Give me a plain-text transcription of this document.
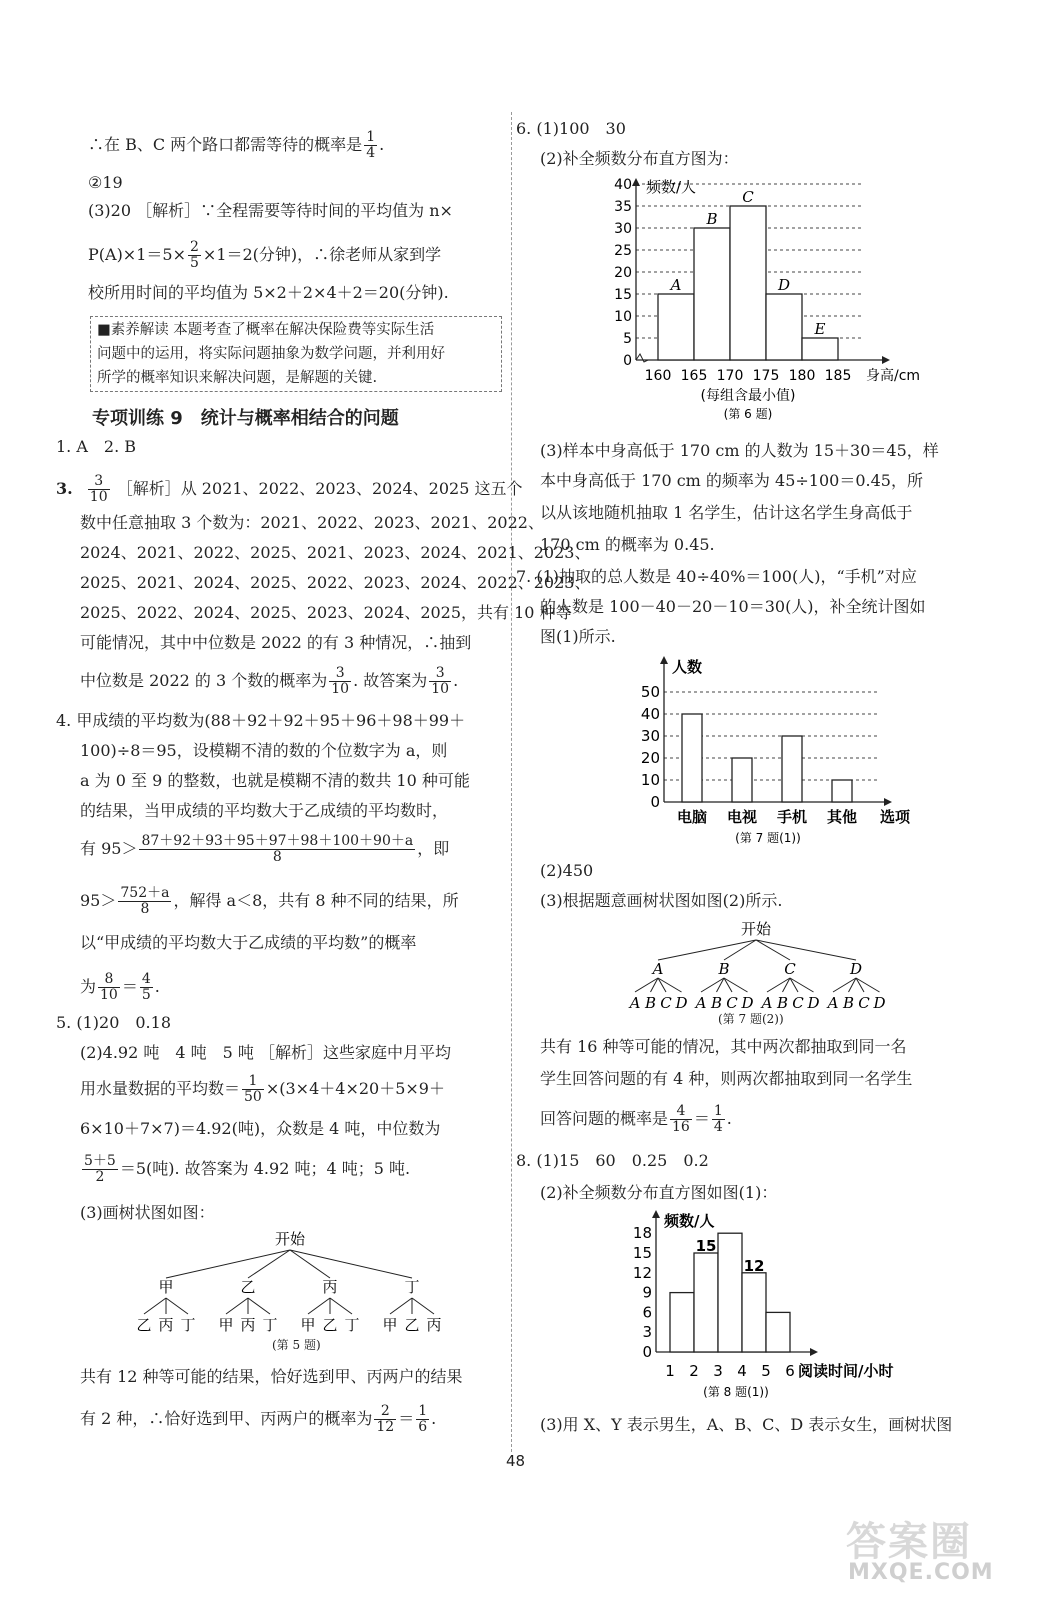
∴在 B、C 两个路口都需等待的概率是 $\frac{1}{4}$ .
②19
(3)20 ［解析］∵全程需要等待时间的平均值为 n×
$P(A)\times 1=5\times \frac{2}{5} \times 1=2$(分钟)，∴徐老师从家到学
校所用时间的平均值为 5×2＋2×4＋2＝20(分钟).
■素养解读 本题考查了概率在解决保险费等实际生活
问题中的运用，将实际问题抽象为数学问题，并利用好
所学的概率知识来解决问题，是解题的关键.
专项训练 9　统计与概率相结合的问题
1. A　2. B
3. $\frac{3}{10}$ ［解析］从 2021、2022、2023、2024、2025 这五个
数中任意抽取 3 个数为：2021、2022、2023、2021、2022、
2024、2021、2022、2025、2021、2023、2024、2021、2023、
2025、2021、2024、2025、2022、2023、2024、2022、2023、
2025、2022、2024、2025、2023、2024、2025，共有 10 种等
可能情况，其中中位数是 2022 的有 3 种情况，∴抽到
中位数是 2022 的 3 个数的概率为 $\frac{3}{10}$ . 故答案为 $\frac{3}{10}$ .
4. 甲成绩的平均数为(88＋92＋92＋95＋96＋98＋99＋
100)÷8＝95，设模糊不清的数的个位数字为 a，则
a 为 0 至 9 的整数，也就是模糊不清的数共 10 种可能
的结果，当甲成绩的平均数大于乙成绩的平均数时，
有 $95> \frac{87+92+93+95+97+98+100+90+a}{8}$ ，即
$95> \frac{752+a}{8}$ ，解得 a＜8，共有 8 种不同的结果，所
以“甲成绩的平均数大于乙成绩的平均数”的概率
为 $\frac{8}{10} = \frac{4}{5}$ .
5. (1)20　0.18
(2)4.92 吨　4 吨　5 吨 ［解析］这些家庭中月平均
用水量数据的平均数＝ $\frac{1}{50} \times(3\times 4+4\times 20+5\times 9+$
6×10＋7×7)＝4.92(吨)，众数是 4 吨，中位数为
$\frac{5+5}{2} =5$(吨). 故答案为 4.92 吨；4 吨；5 吨.
(3)画树状图如图：
开始
甲	乙	丙	丁
乙 丙 丁 甲 丙 丁 甲 乙 丁 甲 乙 丙
(第 5 题)
共有 12 种等可能的结果，恰好选到甲、丙两户的结果
有 2 种，∴恰好选到甲、丙两户的概率为 $\frac{2}{12} = \frac{1}{6}$ .
6. (1)100　30
(2)补全频数分布直方图为：
0
5
10
15
20
25
30
35
40 频数/人
A
B
C
D
E
160 165 170 175 180 185 身高/cm
(每组含最小值)
(第 6 题)
(3)样本中身高低于 170 cm 的人数为 15＋30＝45，样
本中身高低于 170 cm 的频率为 45÷100＝0.45，所
以从该地随机抽取 1 名学生，估计这名学生身高低于
170 cm 的概率为 0.45.
7. (1)抽取的总人数是 40÷40%＝100(人)，“手机”对应
的人数是 100－40－20－10＝30(人)，补全统计图如
图(1)所示.
0
10
20
30
40
50
人数
电脑 电视 手机 其他 选项
(第 7 题(1))
(2)450
(3)根据题意画树状图如图(2)所示.
开始
A	B	C	D
A B C D A B C D A B C D A B C D
(第 7 题(2))
共有 16 种等可能的情况，其中两次都抽取到同一名
学生回答问题的有 4 种，则两次都抽取到同一名学生
回答问题的概率是 $\frac{4}{16} = \frac{1}{4}$ .
8. (1)15　60　0.25　0.2
(2)补全频数分布直方图如图(1)：
0
3
6
9
12
15
18
频数/人
15
12
1 2 3 4 5 6 阅读时间/小时
(第 8 题(1))
(3)用 X、Y 表示男生，A、B、C、D 表示女生，画树状图
48
答案圈
MXQE.COM
